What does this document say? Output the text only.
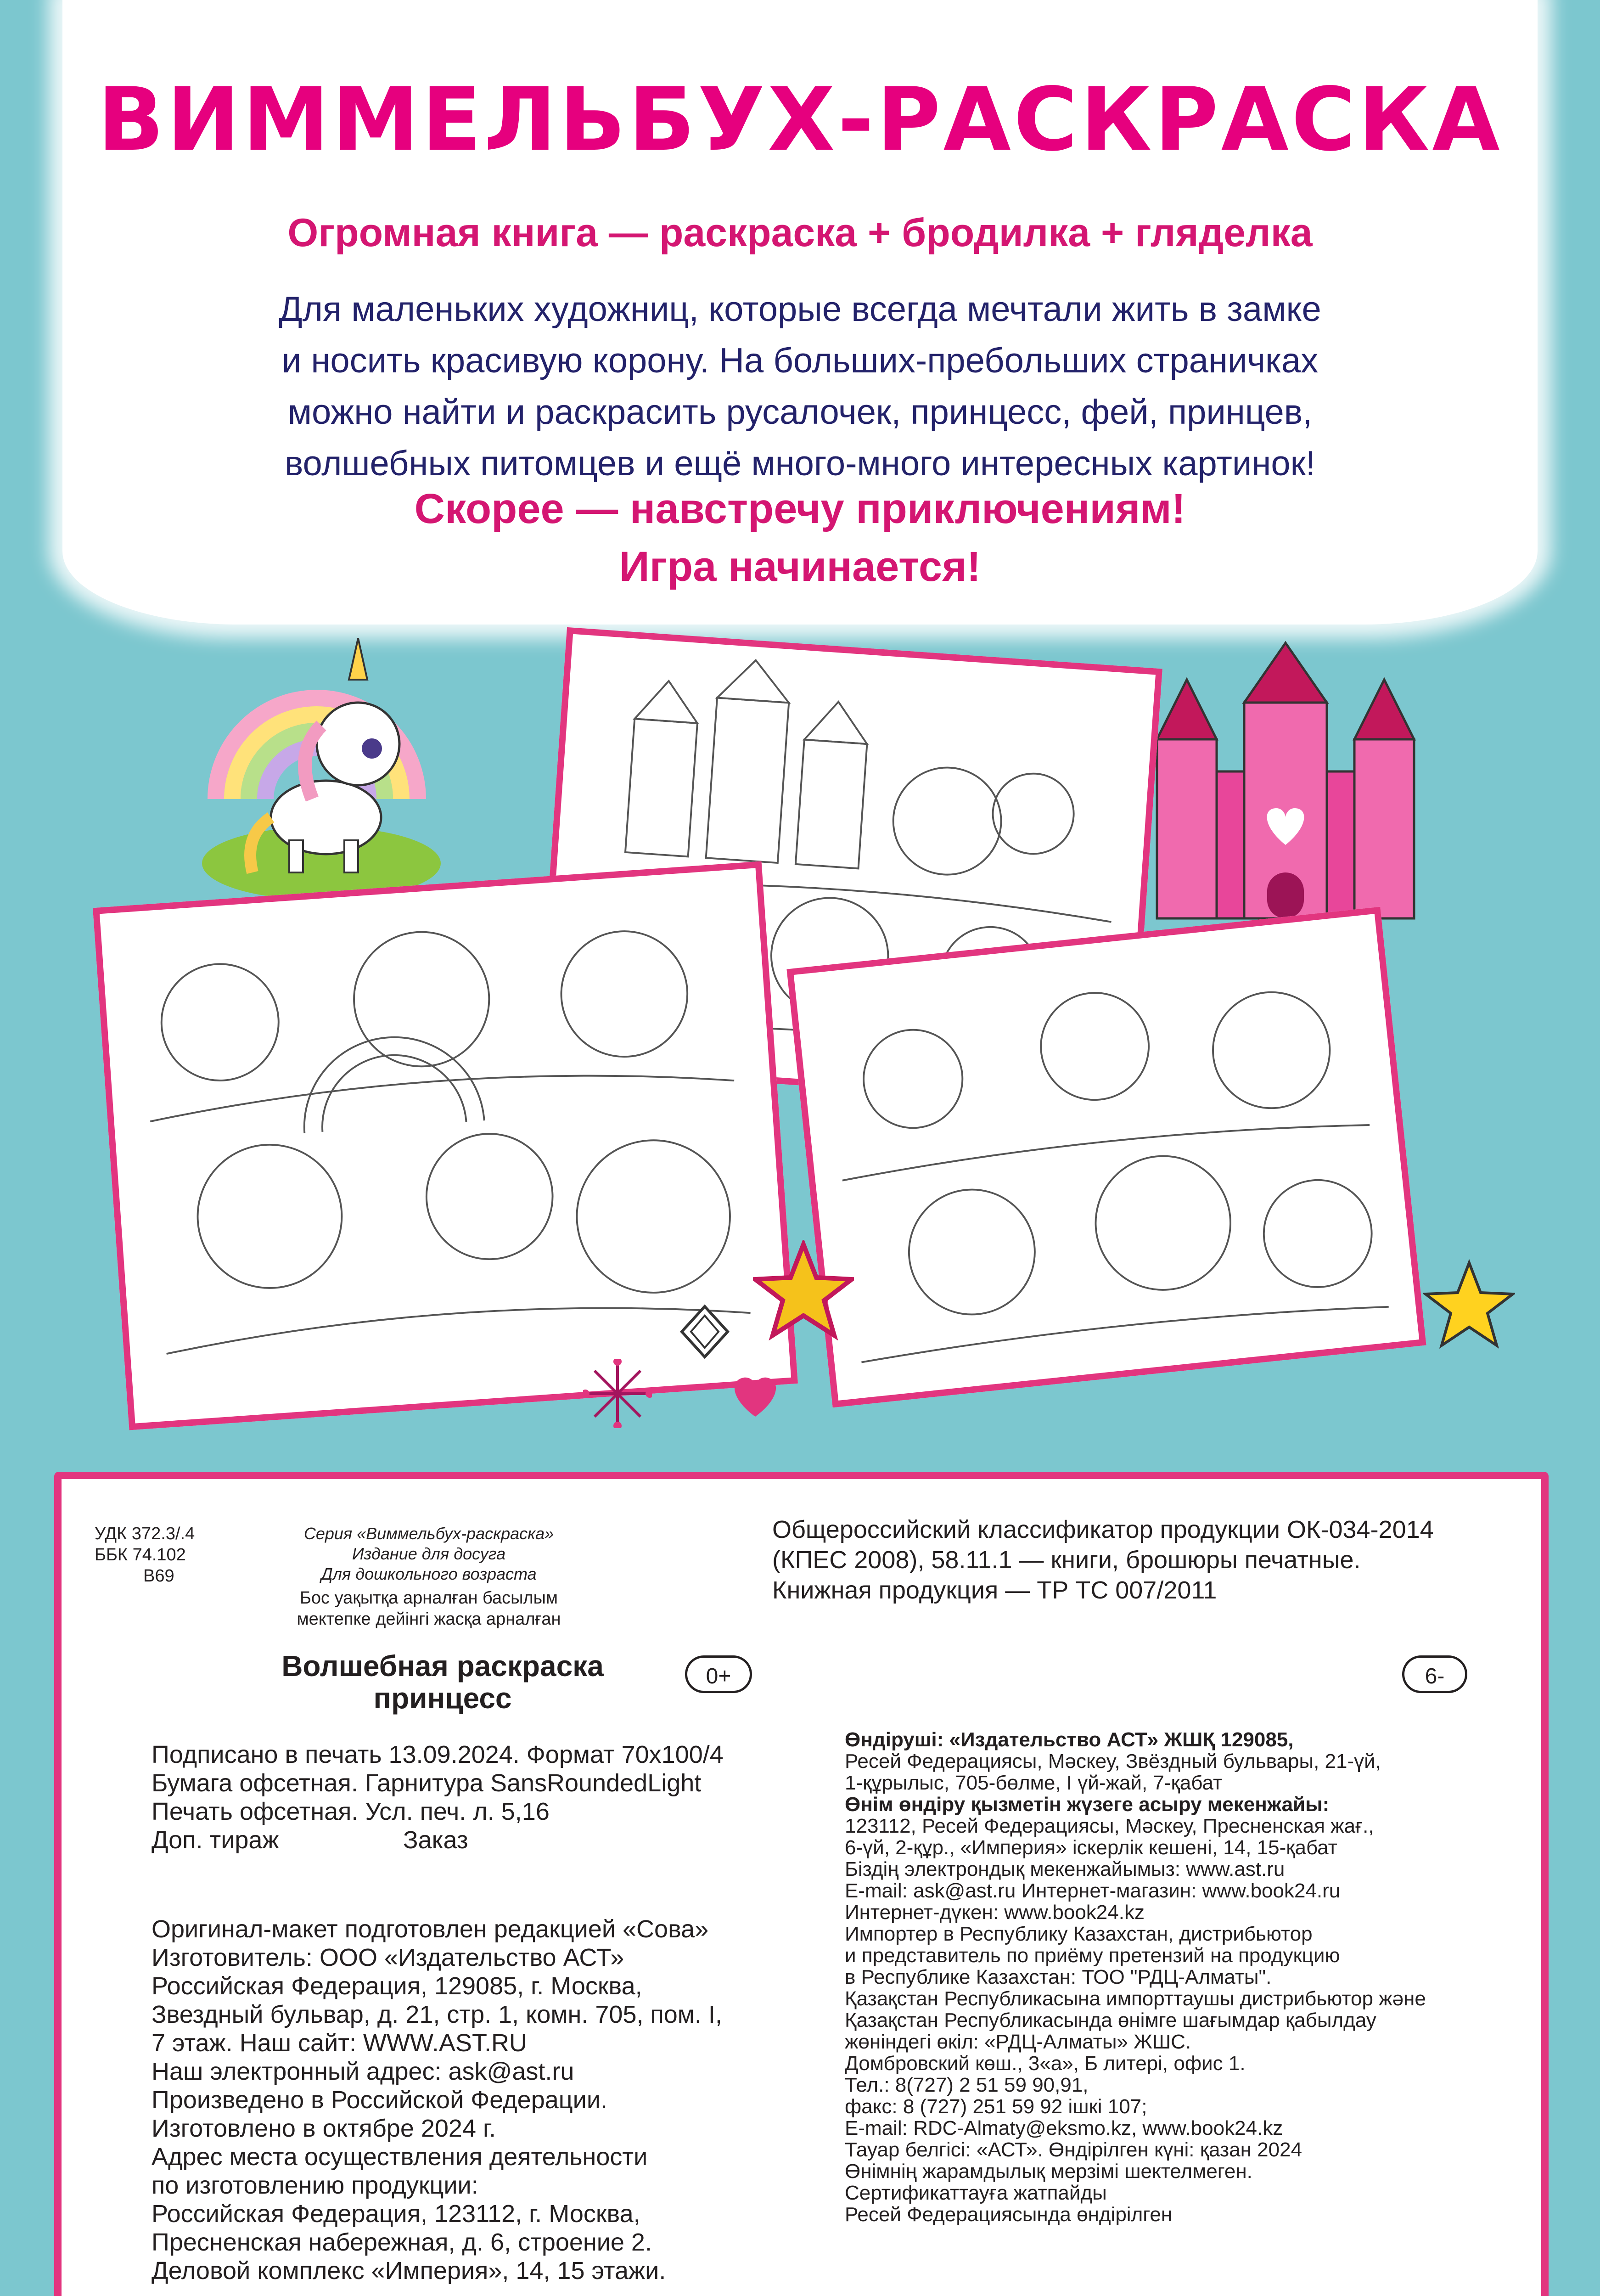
ВИММЕЛЬБУХ-РАСКРАСКА
Огромная книга — раскраска + бродилка + гляделка
Для маленьких художниц, которые всегда мечтали жить в замке
и носить красивую корону. На больших-пребольших страничках
можно найти и раскрасить русалочек, принцесс, фей, принцев,
волшебных питомцев и ещё много-много интересных картинок!
Скорее — навстречу приключениям!
Игра начинается!
УДК 372.3/.4
ББК 74.102
В69
Серия «Виммельбух-раскраска»
Издание для досуга
Для дошкольного возраста
Бос уақытқа арналған басылым
мектепке дейінгі жасқа арналған
Общероссийский классификатор продукции ОК-034-2014
(КПЕС 2008), 58.11.1 — книги, брошюры печатные.
Книжная продукция — ТР ТС 007/2011
Волшебная раскраска
принцесс
0+	6-
Подписано в печать 13.09.2024. Формат 70x100/4
Бумага офсетная. Гарнитура SansRoundedLight
Печать офсетная. Усл. печ. л. 5,16
Доп. тираж	Заказ
Оригинал-макет подготовлен редакцией «Сова»
Изготовитель: ООО «Издательство АСТ»
Российская Федерация, 129085, г. Москва,
Звездный бульвар, д. 21, стр. 1, комн. 705, пом. I,
7 этаж. Наш сайт: WWW.AST.RU
Наш электронный адрес: ask@ast.ru
Произведено в Российской Федерации.
Изготовлено в октябре 2024 г.
Адрес места осуществления деятельности
по изготовлению продукции:
Российская Федерация, 123112, г. Москва,
Пресненская набережная, д. 6, строение 2.
Деловой комплекс «Империя», 14, 15 этажи.
Өндіруші: «Издательство АСТ» ЖШҚ 129085,
Ресей Федерациясы, Мәскеу, Звёздный бульвары, 21-үй,
1-құрылыс, 705-бөлме, I үй-жай, 7-қабат
Өнім өндіру қызметін жүзеге асыру мекенжайы:
123112, Ресей Федерациясы, Мәскеу, Пресненская жағ.,
6-үй, 2-құр., «Империя» іскерлік кешені, 14, 15-қабат
Біздің электрондық мекенжайымыз: www.ast.ru
E-mail: ask@ast.ru Интернет-магазин: www.book24.ru
Интернет-дүкен: www.book24.kz
Импортер в Республику Казахстан, дистрибьютор
и представитель по приёму претензий на продукцию
в Республике Казахстан: ТОО "РДЦ-Алматы".
Қазақстан Республикасына импорттаушы дистрибьютор және
Қазақстан Республикасында өнімге шағымдар қабылдау
жөніндегі өкіл: «РДЦ-Алматы» ЖШС.
Домбровский көш., 3«а», Б литері, офис 1.
Тел.: 8(727) 2 51 59 90,91,
факс: 8 (727) 251 59 92 ішкі 107;
E-mail: RDC-Almaty@eksmo.kz, www.book24.kz
Тауар белгісі: «АСТ». Өндірілген күні: қазан 2024
Өнімнің жарамдылық мерзімі шектелмеген.
Сертификаттауға жатпайды
Ресей Федерациясында өндірілген
